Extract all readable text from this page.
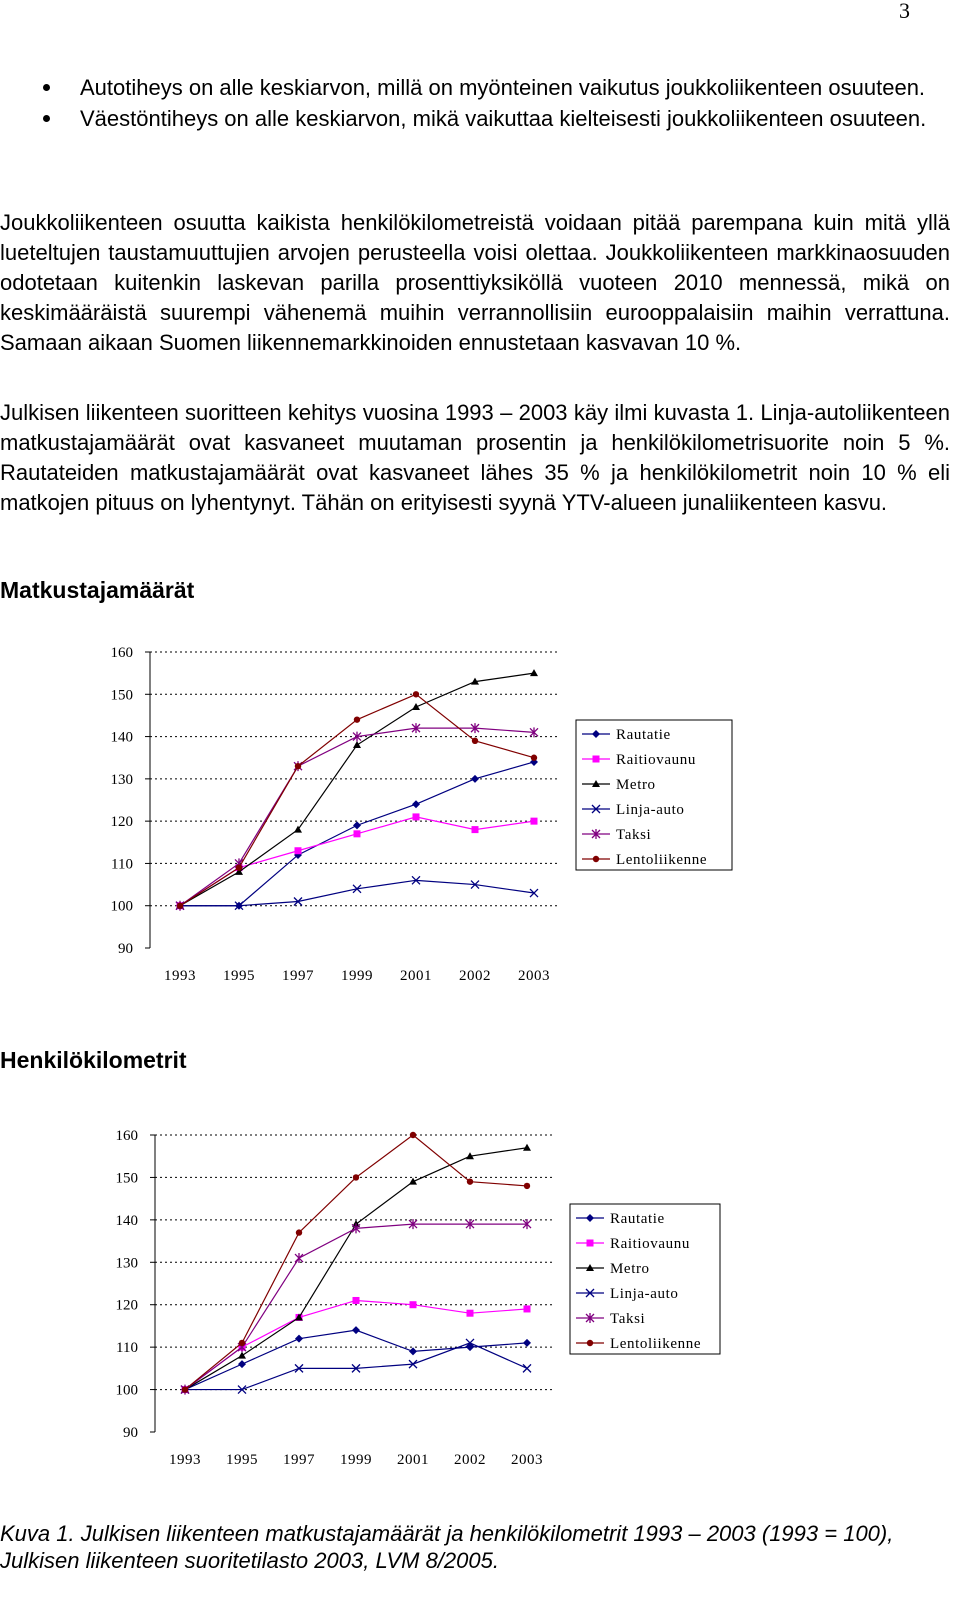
3
Autotiheys on alle keskiarvon, millä on myönteinen vaikutus joukkoliikenteen osuuteen.
Väestöntiheys on alle keskiarvon, mikä vaikuttaa kielteisesti joukkoliikenteen osuuteen.
Joukkoliikenteen osuutta kaikista henkilökilometreistä voidaan pitää parempana kuin mitä yllä lueteltujen taustamuuttujien arvojen perusteella voisi olettaa. Joukkoliikenteen markkinaosuuden odotetaan kuitenkin laskevan parilla prosenttiyksiköllä vuoteen 2010 mennessä, mikä on keskimääräistä suurempi vähenemä muihin verrannollisiin eurooppalaisiin maihin verrattuna. Samaan aikaan Suomen liikennemarkkinoiden ennustetaan kasvavan 10 %.
Julkisen liikenteen suoritteen kehitys vuosina 1993 – 2003 käy ilmi kuvasta 1. Linja-autoliikenteen matkustajamäärät ovat kasvaneet muutaman prosentin ja henkilökilometrisuorite noin 5 %. Rautateiden matkustajamäärät ovat kasvaneet lähes 35 % ja henkilökilometrit noin 10 % eli matkojen pituus on lyhentynyt. Tähän on erityisesti syynä YTV-alueen junaliikenteen kasvu.
Matkustajamäärät
90
100
110
120
130
140
150
160
1993 1995 1997 1999 2001 2002 2003
Rautatie
Raitiovaunu
Metro
Linja-auto
Taksi
Lentoliikenne
Henkilökilometrit
90
100
110
120
130
140
150
160
1993 1995 1997 1999 2001 2002 2003
Rautatie
Raitiovaunu
Metro
Linja-auto
Taksi
Lentoliikenne
Kuva 1. Julkisen liikenteen matkustajamäärät ja henkilökilometrit 1993 – 2003 (1993 = 100), Julkisen liikenteen suoritetilasto 2003, LVM 8/2005.
